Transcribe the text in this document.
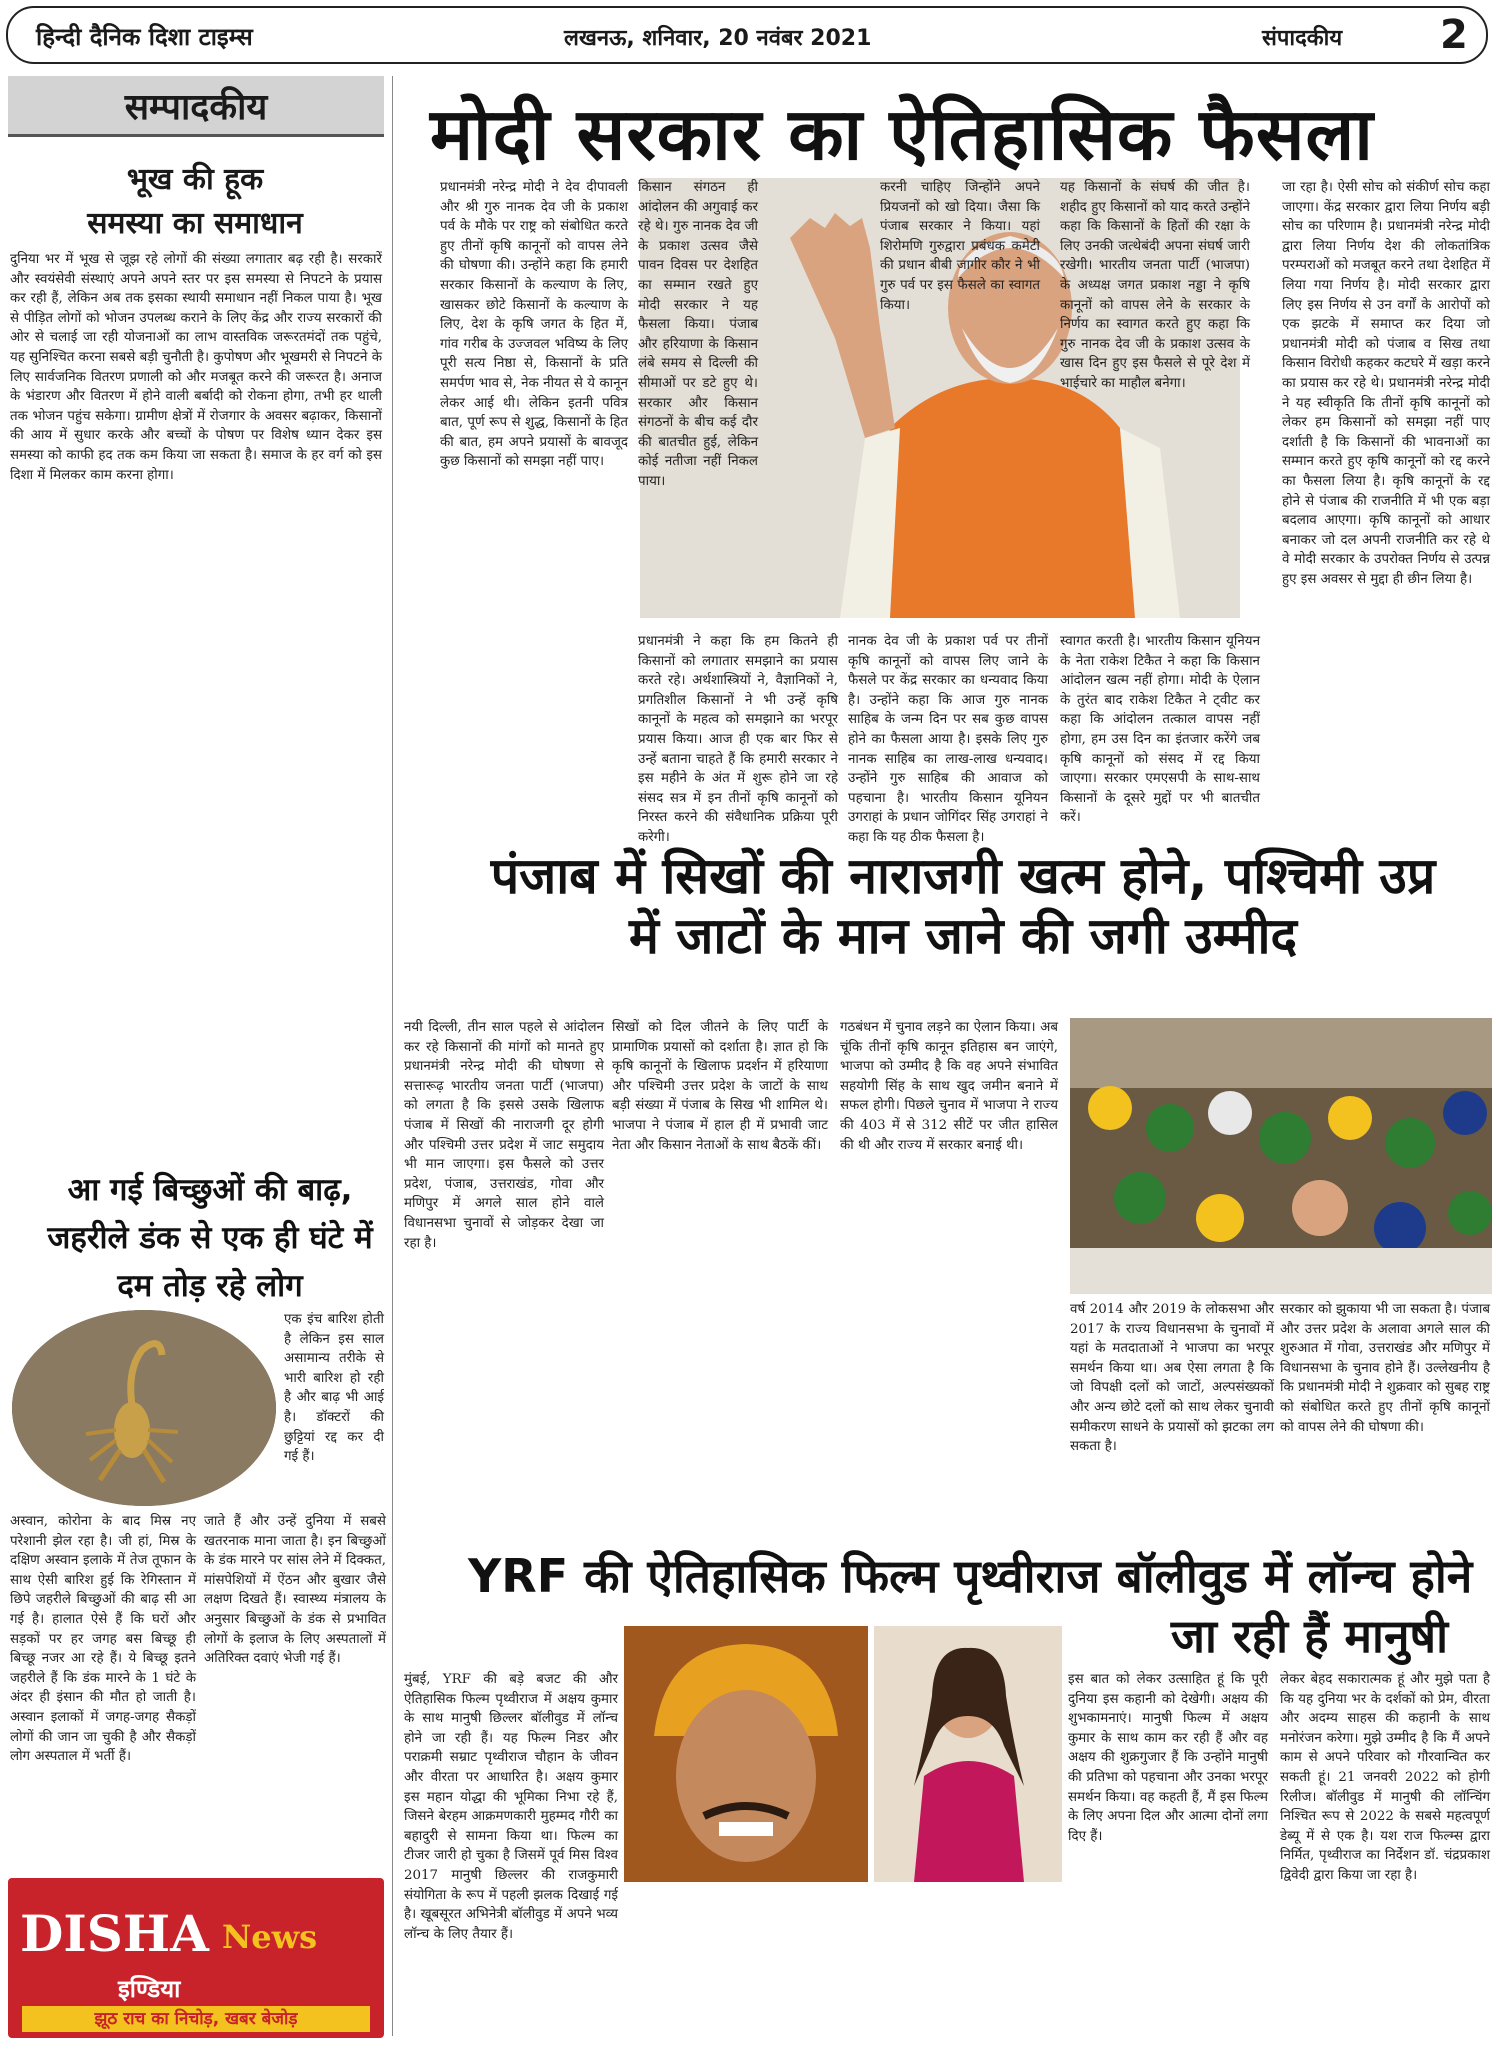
हिन्दी दैनिक दिशा टाइम्स	लखनऊ, शनिवार, 20 नवंबर 2021	संपादकीय 2
सम्पादकीय
भूख की हूक
समस्या का समाधान
दुनिया भर में भूख से जूझ रहे लोगों की संख्या लगातार बढ़ रही है। सरकारें और स्वयंसेवी संस्थाएं अपने अपने स्तर पर इस समस्या से निपटने के प्रयास कर रही हैं, लेकिन अब तक इसका स्थायी समाधान नहीं निकल पाया है। भूख से पीड़ित लोगों को भोजन उपलब्ध कराने के लिए केंद्र और राज्य सरकारों की ओर से चलाई जा रही योजनाओं का लाभ वास्तविक जरूरतमंदों तक पहुंचे, यह सुनिश्चित करना सबसे बड़ी चुनौती है। कुपोषण और भूखमरी से निपटने के लिए सार्वजनिक वितरण प्रणाली को और मजबूत करने की जरूरत है। अनाज के भंडारण और वितरण में होने वाली बर्बादी को रोकना होगा, तभी हर थाली तक भोजन पहुंच सकेगा। ग्रामीण क्षेत्रों में रोजगार के अवसर बढ़ाकर, किसानों की आय में सुधार करके और बच्चों के पोषण पर विशेष ध्यान देकर इस समस्या को काफी हद तक कम किया जा सकता है। समाज के हर वर्ग को इस दिशा में मिलकर काम करना होगा।
मोदी सरकार का ऐतिहासिक फैसला
प्रधानमंत्री नरेन्द्र मोदी ने देव दीपावली और श्री गुरु नानक देव जी के प्रकाश पर्व के मौके पर राष्ट्र को संबोधित करते हुए तीनों कृषि कानूनों को वापस लेने की घोषणा की। उन्होंने कहा कि हमारी सरकार किसानों के कल्याण के लिए, खासकर छोटे किसानों के कल्याण के लिए, देश के कृषि जगत के हित में, गांव गरीब के उज्जवल भविष्य के लिए पूरी सत्य निष्ठा से, किसानों के प्रति समर्पण भाव से, नेक नीयत से ये कानून लेकर आई थी। लेकिन इतनी पवित्र बात, पूर्ण रूप से शुद्ध, किसानों के हित की बात, हम अपने प्रयासों के बावजूद कुछ किसानों को समझा नहीं पाए।
किसान संगठन ही आंदोलन की अगुवाई कर रहे थे। गुरु नानक देव जी के प्रकाश उत्सव जैसे पावन दिवस पर देशहित का सम्मान रखते हुए मोदी सरकार ने यह फैसला किया। पंजाब और हरियाणा के किसान लंबे समय से दिल्ली की सीमाओं पर डटे हुए थे। सरकार और किसान संगठनों के बीच कई दौर की बातचीत हुई, लेकिन कोई नतीजा नहीं निकल पाया।
करनी चाहिए जिन्होंने अपने प्रियजनों को खो दिया। जैसा कि पंजाब सरकार ने किया। यहां शिरोमणि गुरुद्वारा प्रबंधक कमेटी की प्रधान बीबी जागीर कौर ने भी गुरु पर्व पर इस फैसले का स्वागत किया।
यह किसानों के संघर्ष की जीत है। शहीद हुए किसानों को याद करते उन्होंने कहा कि किसानों के हितों की रक्षा के लिए उनकी जत्थेबंदी अपना संघर्ष जारी रखेगी। भारतीय जनता पार्टी (भाजपा) के अध्यक्ष जगत प्रकाश नड्डा ने कृषि कानूनों को वापस लेने के सरकार के निर्णय का स्वागत करते हुए कहा कि गुरु नानक देव जी के प्रकाश उत्सव के खास दिन हुए इस फैसले से पूरे देश में भाईचारे का माहौल बनेगा।
जा रहा है। ऐसी सोच को संकीर्ण सोच कहा जाएगा। केंद्र सरकार द्वारा लिया निर्णय बड़ी सोच का परिणाम है। प्रधानमंत्री नरेन्द्र मोदी द्वारा लिया निर्णय देश की लोकतांत्रिक परम्पराओं को मजबूत करने तथा देशहित में लिया गया निर्णय है। मोदी सरकार द्वारा लिए इस निर्णय से उन वर्गों के आरोपों को एक झटके में समाप्त कर दिया जो प्रधानमंत्री मोदी को पंजाब व सिख तथा किसान विरोधी कहकर कटघरे में खड़ा करने का प्रयास कर रहे थे। प्रधानमंत्री नरेन्द्र मोदी ने यह स्वीकृति कि तीनों कृषि कानूनों को लेकर हम किसानों को समझा नहीं पाए दर्शाती है कि किसानों की भावनाओं का सम्मान करते हुए कृषि कानूनों को रद्द करने का फैसला लिया है। कृषि कानूनों के रद्द होने से पंजाब की राजनीति में भी एक बड़ा बदलाव आएगा। कृषि कानूनों को आधार बनाकर जो दल अपनी राजनीति कर रहे थे वे मोदी सरकार के उपरोक्त निर्णय से उत्पन्न हुए इस अवसर से मुद्दा ही छीन लिया है।
प्रधानमंत्री ने कहा कि हम कितने ही किसानों को लगातार समझाने का प्रयास करते रहे। अर्थशास्त्रियों ने, वैज्ञानिकों ने, प्रगतिशील किसानों ने भी उन्हें कृषि कानूनों के महत्व को समझाने का भरपूर प्रयास किया। आज ही एक बार फिर से उन्हें बताना चाहते हैं कि हमारी सरकार ने इस महीने के अंत में शुरू होने जा रहे संसद सत्र में इन तीनों कृषि कानूनों को निरस्त करने की संवैधानिक प्रक्रिया पूरी करेगी।
नानक देव जी के प्रकाश पर्व पर तीनों कृषि कानूनों को वापस लिए जाने के फैसले पर केंद्र सरकार का धन्यवाद किया है। उन्होंने कहा कि आज गुरु नानक साहिब के जन्म दिन पर सब कुछ वापस होने का फैसला आया है। इसके लिए गुरु नानक साहिब का लाख-लाख धन्यवाद। उन्होंने गुरु साहिब की आवाज को पहचाना है। भारतीय किसान यूनियन उगराहां के प्रधान जोगिंदर सिंह उगराहां ने कहा कि यह ठीक फैसला है।
स्वागत करती है। भारतीय किसान यूनियन के नेता राकेश टिकैत ने कहा कि किसान आंदोलन खत्म नहीं होगा। मोदी के ऐलान के तुरंत बाद राकेश टिकैत ने ट्वीट कर कहा कि आंदोलन तत्काल वापस नहीं होगा, हम उस दिन का इंतजार करेंगे जब कृषि कानूनों को संसद में रद्द किया जाएगा। सरकार एमएसपी के साथ-साथ किसानों के दूसरे मुद्दों पर भी बातचीत करें।
पंजाब में सिखों की नाराजगी खत्म होने, पश्चिमी उप्र
में जाटों के मान जाने की जगी उम्मीद
नयी दिल्ली, तीन साल पहले से आंदोलन कर रहे किसानों की मांगों को मानते हुए प्रधानमंत्री नरेन्द्र मोदी की घोषणा से सत्तारूढ़ भारतीय जनता पार्टी (भाजपा) को लगता है कि इससे उसके खिलाफ पंजाब में सिखों की नाराजगी दूर होगी और पश्चिमी उत्तर प्रदेश में जाट समुदाय भी मान जाएगा। इस फैसले को उत्तर प्रदेश, पंजाब, उत्तराखंड, गोवा और मणिपुर में अगले साल होने वाले विधानसभा चुनावों से जोड़कर देखा जा रहा है।
सिखों को दिल जीतने के लिए पार्टी के प्रामाणिक प्रयासों को दर्शाता है। ज्ञात हो कि कृषि कानूनों के खिलाफ प्रदर्शन में हरियाणा और पश्चिमी उत्तर प्रदेश के जाटों के साथ बड़ी संख्या में पंजाब के सिख भी शामिल थे। भाजपा ने पंजाब में हाल ही में प्रभावी जाट नेता और किसान नेताओं के साथ बैठकें कीं।
गठबंधन में चुनाव लड़ने का ऐलान किया। अब चूंकि तीनों कृषि कानून इतिहास बन जाएंगे, भाजपा को उम्मीद है कि वह अपने संभावित सहयोगी सिंह के साथ खुद जमीन बनाने में सफल होगी। पिछले चुनाव में भाजपा ने राज्य की 403 में से 312 सीटें पर जीत हासिल की थी और राज्य में सरकार बनाई थी।
सरकार को झुकाया भी जा सकता है। पंजाब और उत्तर प्रदेश के अलावा अगले साल की शुरुआत में गोवा, उत्तराखंड और मणिपुर में विधानसभा के चुनाव होने हैं। उल्लेखनीय है कि प्रधानमंत्री मोदी ने शुक्रवार को सुबह राष्ट्र को संबोधित करते हुए तीनों कृषि कानूनों को वापस लेने की घोषणा की।
वर्ष 2014 और 2019 के लोकसभा और 2017 के राज्य विधानसभा के चुनावों में यहां के मतदाताओं ने भाजपा का भरपूर समर्थन किया था। अब ऐसा लगता है कि जो विपक्षी दलों को जाटों, अल्पसंख्यकों और अन्य छोटे दलों को साथ लेकर चुनावी समीकरण साधने के प्रयासों को झटका लग सकता है।
आ गई बिच्छुओं की बाढ़,
जहरीले डंक से एक ही घंटे में
दम तोड़ रहे लोग
एक इंच बारिश होती है लेकिन इस साल असामान्य तरीके से भारी बारिश हो रही है और बाढ़ भी आई है। डॉक्टरों की छुट्टियां रद्द कर दी गई हैं।
अस्वान, कोरोना के बाद मिस्र नए परेशानी झेल रहा है। जी हां, मिस्र के दक्षिण अस्वान इलाके में तेज तूफान के साथ ऐसी बारिश हुई कि रेगिस्तान में छिपे जहरीले बिच्छुओं की बाढ़ सी आ गई है। हालात ऐसे हैं कि घरों और सड़कों पर हर जगह बस बिच्छू ही बिच्छू नजर आ रहे हैं। ये बिच्छू इतने जहरीले हैं कि डंक मारने के 1 घंटे के अंदर ही इंसान की मौत हो जाती है। अस्वान इलाकों में जगह-जगह सैकड़ों लोगों की जान जा चुकी है और सैकड़ों लोग अस्पताल में भर्ती हैं।
जाते हैं और उन्हें दुनिया में सबसे खतरनाक माना जाता है। इन बिच्छुओं के डंक मारने पर सांस लेने में दिक्कत, मांसपेशियों में ऐंठन और बुखार जैसे लक्षण दिखते हैं। स्वास्थ्य मंत्रालय के अनुसार बिच्छुओं के डंक से प्रभावित लोगों के इलाज के लिए अस्पतालों में अतिरिक्त दवाएं भेजी गई हैं।
YRF की ऐतिहासिक फिल्म पृथ्वीराज बॉलीवुड में लॉन्च होने
जा रही हैं मानुषी
मुंबई, YRF की बड़े बजट की और ऐतिहासिक फिल्म पृथ्वीराज में अक्षय कुमार के साथ मानुषी छिल्लर बॉलीवुड में लॉन्च होने जा रही हैं। यह फिल्म निडर और पराक्रमी सम्राट पृथ्वीराज चौहान के जीवन और वीरता पर आधारित है। अक्षय कुमार इस महान योद्धा की भूमिका निभा रहे हैं, जिसने बेरहम आक्रमणकारी मुहम्मद गौरी का बहादुरी से सामना किया था। फिल्म का टीजर जारी हो चुका है जिसमें पूर्व मिस विश्व 2017 मानुषी छिल्लर की राजकुमारी संयोगिता के रूप में पहली झलक दिखाई गई है। खूबसूरत अभिनेत्री बॉलीवुड में अपने भव्य लॉन्च के लिए तैयार हैं।
इस बात को लेकर उत्साहित हूं कि पूरी दुनिया इस कहानी को देखेगी। अक्षय की शुभकामनाएं। मानुषी फिल्म में अक्षय कुमार के साथ काम कर रही हैं और वह अक्षय की शुक्रगुजार हैं कि उन्होंने मानुषी की प्रतिभा को पहचाना और उनका भरपूर समर्थन किया। वह कहती हैं, मैं इस फिल्म के लिए अपना दिल और आत्मा दोनों लगा दिए हैं।
लेकर बेहद सकारात्मक हूं और मुझे पता है कि यह दुनिया भर के दर्शकों को प्रेम, वीरता और अदम्य साहस की कहानी के साथ मनोरंजन करेगा। मुझे उम्मीद है कि मैं अपने काम से अपने परिवार को गौरवान्वित कर सकती हूं। 21 जनवरी 2022 को होगी रिलीज। बॉलीवुड में मानुषी की लॉन्चिंग निश्चित रूप से 2022 के सबसे महत्वपूर्ण डेब्यू में से एक है। यश राज फिल्म्स द्वारा निर्मित, पृथ्वीराज का निर्देशन डॉ. चंद्रप्रकाश द्विवेदी द्वारा किया जा रहा है।
DISHA News
इण्डिया
झूठ राच का निचोड़, खबर बेजोड़
